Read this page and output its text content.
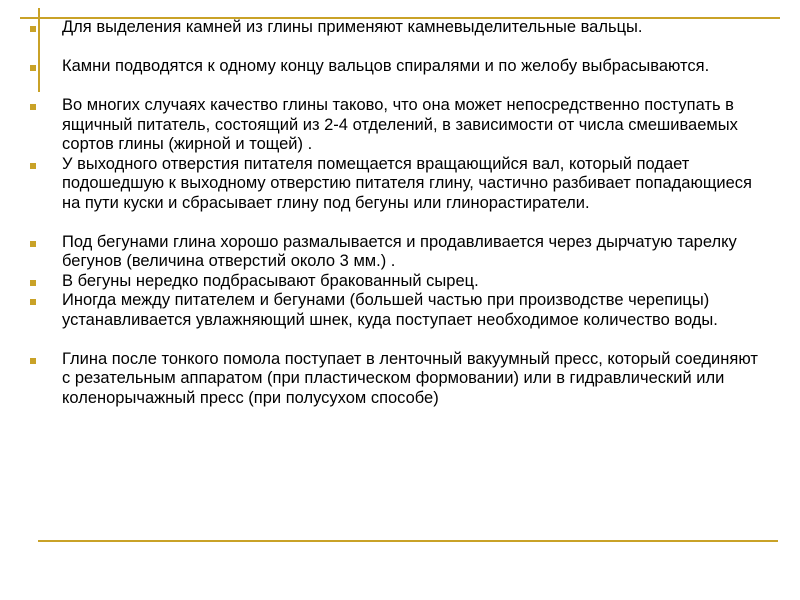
Для выделения камней из глины применяют камневыделительные вальцы.
Камни подводятся к одному концу вальцов спиралями и по желобу выбрасываются.
Во многих случаях качество глины таково, что она может непосредственно поступать в ящичный питатель, состоящий из 2-4 отделений, в зависимости от числа смешиваемых сортов глины (жирной и тощей) .
У выходного отверстия питателя помещается вращающийся вал, который подает подошедшую к выходному отверстию питателя глину, частично разбивает попадающиеся на пути куски и сбрасывает глину под бегуны или глинорастиратели.
Под бегунами глина хорошо размалывается и продавливается через дырчатую тарелку бегунов (величина отверстий около 3 мм.) .
В бегуны нередко подбрасывают бракованный сырец.
Иногда между питателем и бегунами (большей частью при производстве черепицы) устанавливается увлажняющий шнек, куда поступает необходимое количество воды.
Глина после тонкого помола поступает в ленточный вакуумный пресс, который соединяют с резательным аппаратом (при пластическом формовании) или в гидравлический или коленорычажный пресс (при полусухом способе)
